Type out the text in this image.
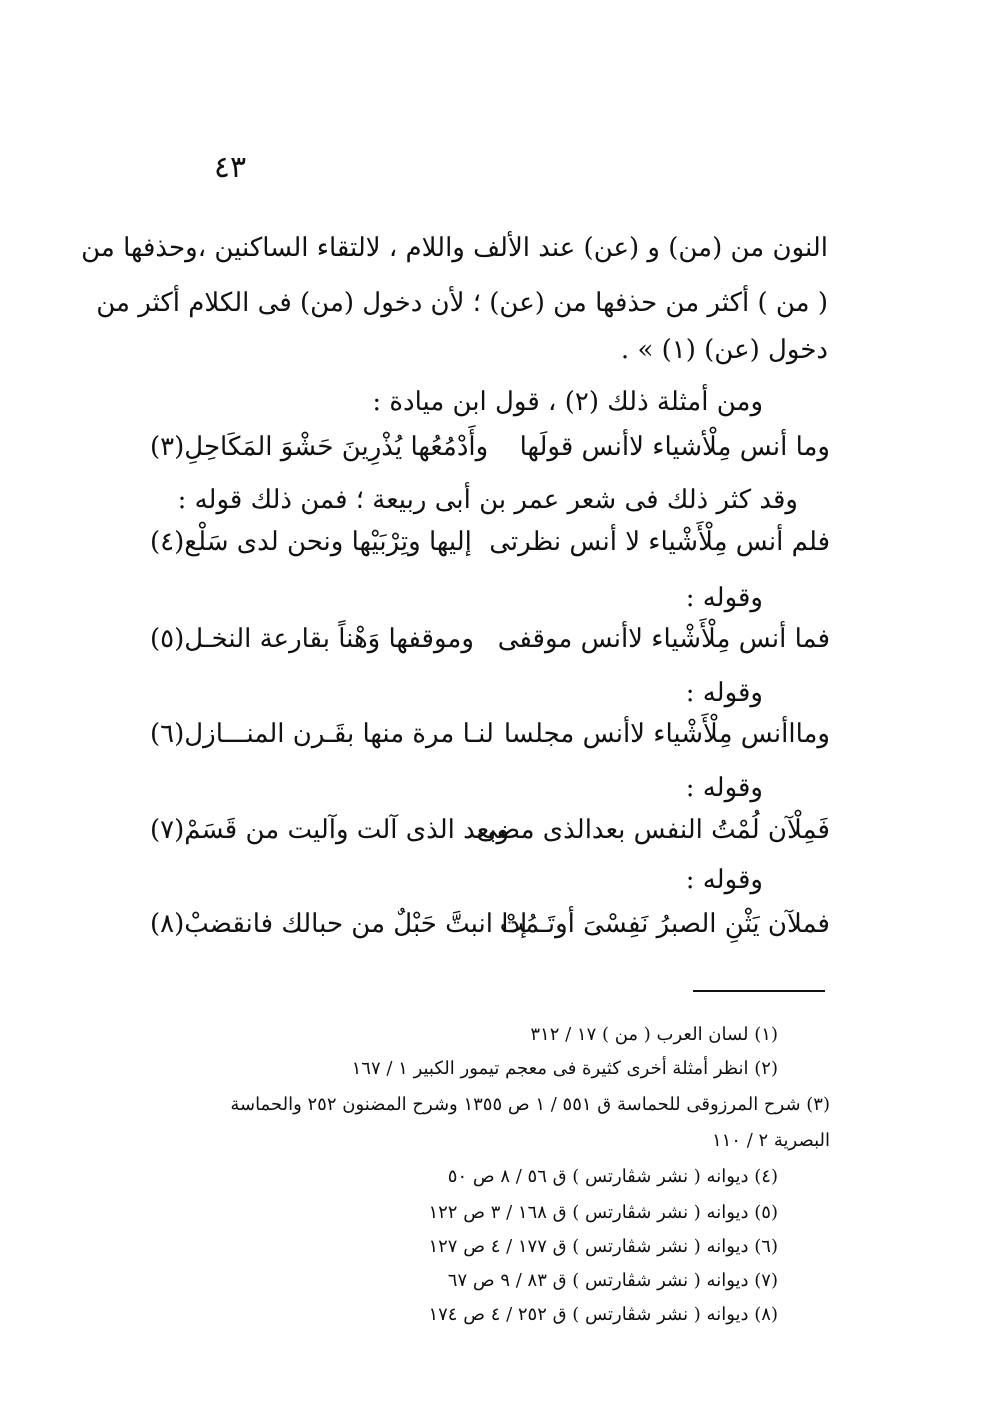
٤٣
النون من (من) و (عن) عند الألف واللام ، لالتقاء الساكنين ،وحذفها من
( من ) أكثر من حذفها من (عن) ؛ لأن دخول (من) فى الكلام أكثر من
دخول (عن) (١) » .
ومن أمثلة ذلك (٢) ، قول ابن ميادة :
وما أنس مِلْأشياء لاأنس قولَها
وأَدْمُعُها يُذْرِينَ حَشْوَ المَكَاحِلِ(٣)
وقد كثر ذلك فى شعر عمر بن أبى ربيعة ؛ فمن ذلك قوله :
فلم أنس مِلْأَشْياء لا أنس نظرتى
إليها وتِرْبَيْها ونحن لدى سَلْع(٤)
وقوله :
فما أنس مِلْأَشْياء لاأنس موقفى
وموقفها وَهْناً بقارعة النخـل(٥)
وقوله :
ومااأنس مِلْأَشْياء لاأنس مجلسا
لنـا مرة منها بقَـرن المنـــازل(٦)
وقوله :
فَمِلْآن لُمْتُ النفس بعدالذى مضى
وبعد الذى آلت وآليت من قَسَمْ(٧)
وقوله :
فملآن يَثْنِ الصبرُ نَفِسْىَ أوتَـمُتْ
إذا انبتَّ حَبْلٌ من حبالك فانقضبْ(٨)
(١) لسان العرب ( من ) ١٧ / ٣١٢
(٢) انظر أمثلة أخرى كثيرة فى معجم تيمور الكبير ١ / ١٦٧
(٣) شرح المرزوقى للحماسة ق ٥٥١ / ١ ص ١٣٥٥ وشرح المضنون ٢٥٢ والحماسة
البصرية ٢ / ١١٠
(٤) ديوانه ( نشر شڤارتس ) ق ٥٦ / ٨ ص ٥٠
(٥) ديوانه ( نشر شڤارتس ) ق ١٦٨ / ٣ ص ١٢٢
(٦) ديوانه ( نشر شڤارتس ) ق ١٧٧ / ٤ ص ١٢٧
(٧) ديوانه ( نشر شڤارتس ) ق ٨٣ / ٩ ص ٦٧
(٨) ديوانه ( نشر شڤارتس ) ق ٢٥٢ / ٤ ص ١٧٤
